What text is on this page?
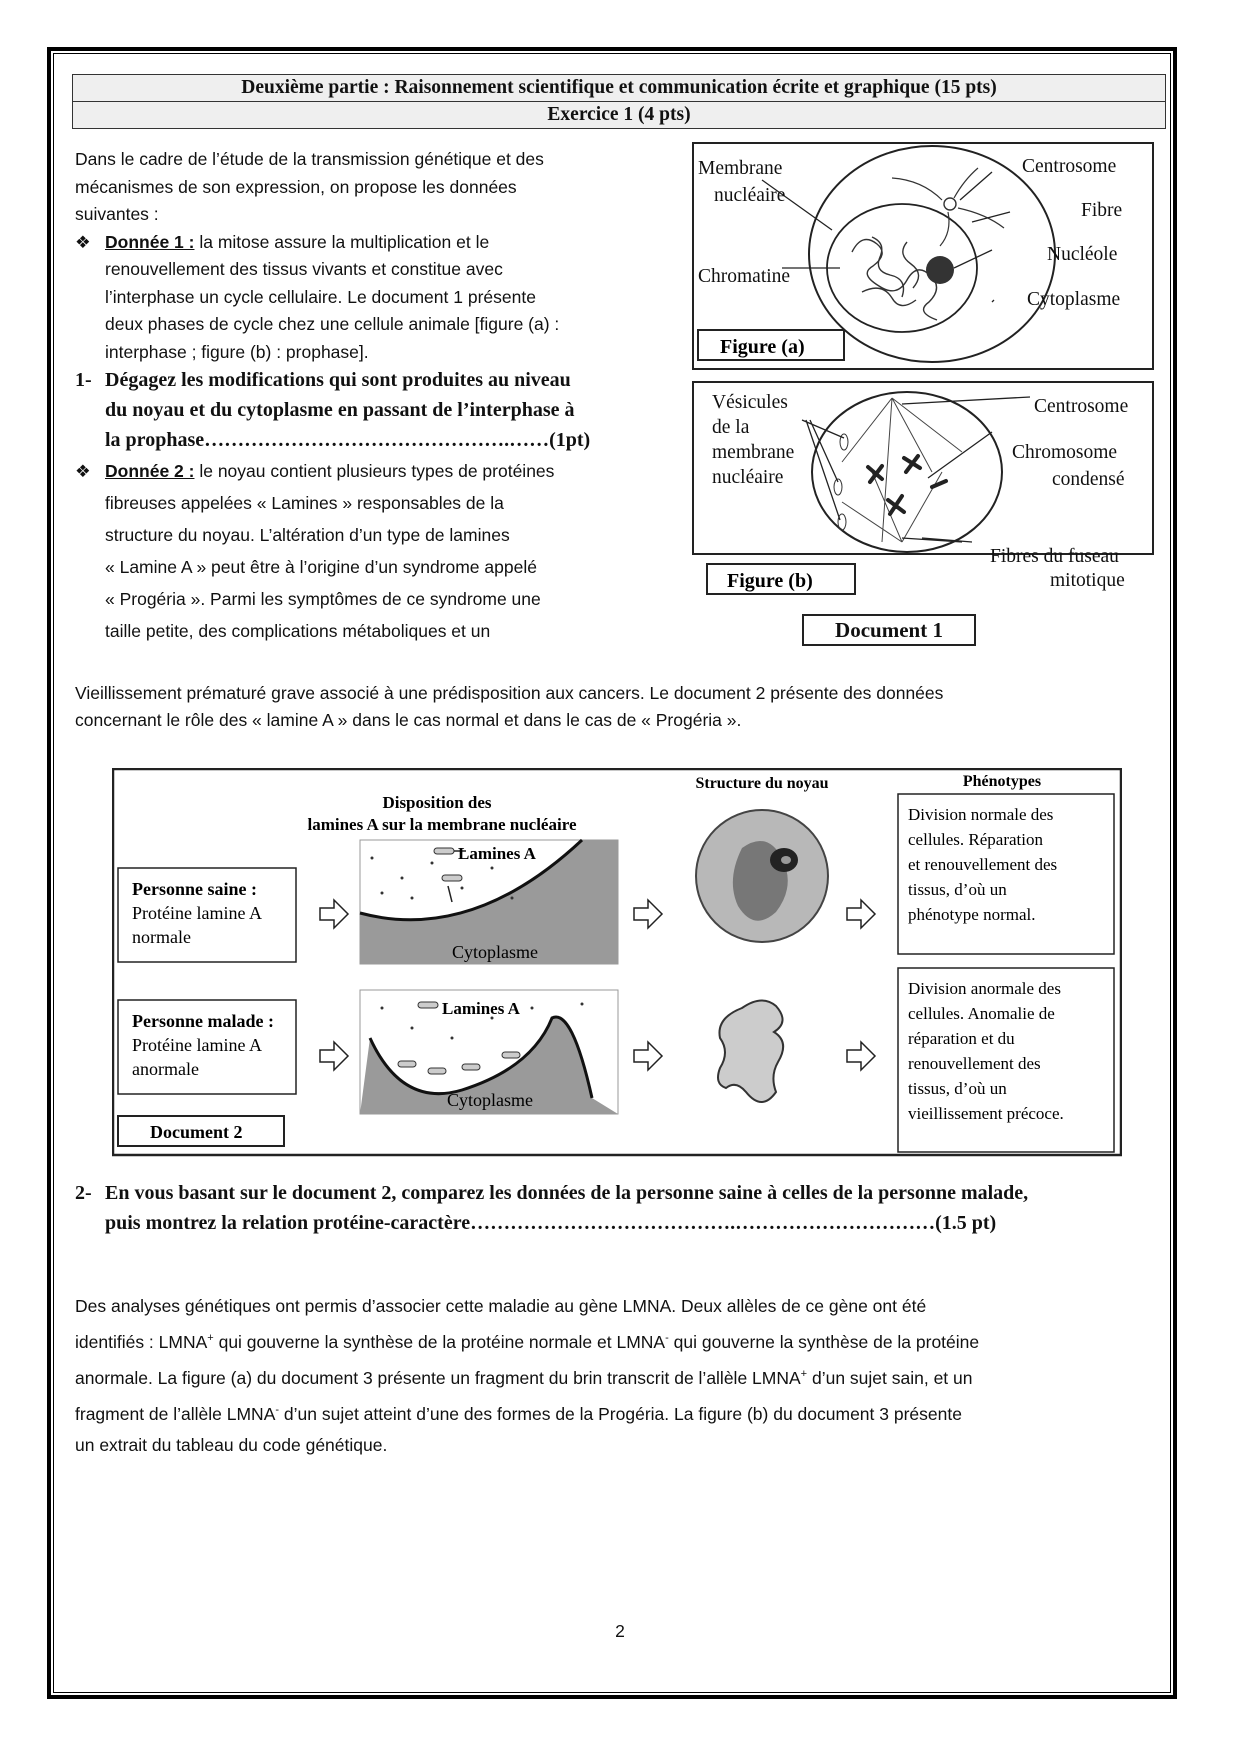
Deuxième partie : Raisonnement scientifique et communication écrite et graphique (15 pts)
Exercice 1 (4 pts)
Dans le cadre de l’étude de la transmission génétique et des
mécanismes de son expression, on propose les données
suivantes :
❖ Donnée 1 : la mitose assure la multiplication et le
renouvellement des tissus vivants et constitue avec
l’interphase un cycle cellulaire. Le document 1 présente
deux phases de cycle chez une cellule animale [figure (a) :
interphase ; figure (b) : prophase].
1- Dégagez les modifications qui sont produites au niveau
du noyau et du cytoplasme en passant de l’interphase à
la prophase……………………………………….……(1pt)
❖ Donnée 2 : le noyau contient plusieurs types de protéines
fibreuses appelées « Lamines » responsables de la
structure du noyau. L’altération d’un type de lamines
« Lamine A » peut être à l’origine d’un syndrome appelé
« Progéria ». Parmi les symptômes de ce syndrome une
taille petite, des complications métaboliques et un
Membrane
nucléaire
Chromatine
Centrosome
Fibre
Nucléole
Cytoplasme
Figure (a)
Vésicules
de la
membrane
nucléaire
Centrosome
Chromosome
condensé
Fibres du fuseau
mitotique
Figure (b)
Document 1
Vieillissement prématuré grave associé à une prédisposition aux cancers. Le document 2 présente des données
concernant le rôle des « lamine A » dans le cas normal et dans le cas de « Progéria ».
Disposition des
lamines A sur la membrane nucléaire
Structure du noyau	Phénotypes
Personne saine :
Protéine lamine A
normale
Lamines A
Cytoplasme
Division normale des
cellules. Réparation
et renouvellement des
tissus, d’où un
phénotype normal.
Personne malade :
Protéine lamine A
anormale
Lamines A
Cytoplasme
Division anormale des
cellules. Anomalie de
réparation et du
renouvellement des
tissus, d’où un
vieillissement précoce.
Document 2
2- En vous basant sur le document 2, comparez les données de la personne saine à celles de la personne malade,
puis montrez la relation protéine-caractère………………………………….…………………………(1.5 pt)
Des analyses génétiques ont permis d’associer cette maladie au gène LMNA. Deux allèles de ce gène ont été
identifiés : LMNA+ qui gouverne la synthèse de la protéine normale et LMNA- qui gouverne la synthèse de la protéine
anormale. La figure (a) du document 3 présente un fragment du brin transcrit de l’allèle LMNA+ d’un sujet sain, et un
fragment de l’allèle LMNA- d’un sujet atteint d’une des formes de la Progéria. La figure (b) du document 3 présente
un extrait du tableau du code génétique.
2
